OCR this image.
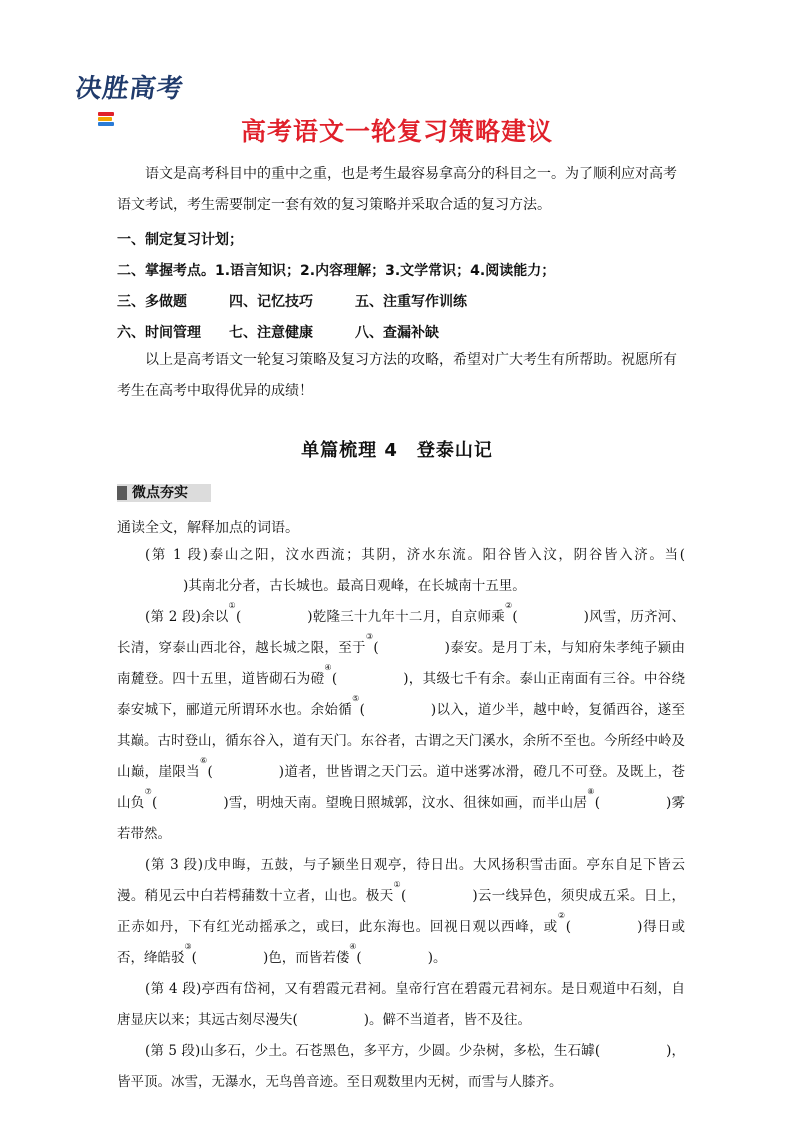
决胜高考
高考语文一轮复习策略建议
语文是高考科目中的重中之重，也是考生最容易拿高分的科目之一。为了顺利应对高考语文考试，考生需要制定一套有效的复习策略并采取合适的复习方法。
一、制定复习计划；
二、掌握考点。1.语言知识；2.内容理解；3.文学常识；4.阅读能力；
三、多做题	四、记忆技巧	五、注重写作训练
六、时间管理 七、注意健康	八、查漏补缺
以上是高考语文一轮复习策略及复习方法的攻略，希望对广大考生有所帮助。祝愿所有考生在高考中取得优异的成绩！
单篇梳理 4　登泰山记
微点夯实
通读全文，解释加点的词语。

(第 1 段)泰山之阳，汶水西流；其阴，济水东流。阳谷皆入汶，阴谷皆入济。当()其南北分者，古长城也。最高日观峰，在长城南十五里。

(第 2 段)余以①(	)乾隆三十九年十二月，自京师乘②(	)风雪，历齐河、长清，穿泰山西北谷，越长城之限，至于③(	)泰安。是月丁未，与知府朱孝纯子颍由南麓登。四十五里，道皆砌石为磴④(	)，其级七千有余。泰山正南面有三谷。中谷绕泰安城下，郦道元所谓环水也。余始循⑤(	)以入，道少半，越中岭，复循西谷，遂至其巅。古时登山，循东谷入，道有天门。东谷者，古谓之天门溪水，余所不至也。今所经中岭及山巅，崖限当⑥(	)道者，世皆谓之天门云。道中迷雾冰滑，磴几不可登。及既上，苍山负⑦(	)雪，明烛天南。望晚日照城郭，汶水、徂徕如画，而半山居⑧(	)雾若带然。

(第 3 段)戊申晦，五鼓，与子颍坐日观亭，待日出。大风扬积雪击面。亭东自足下皆云漫。稍见云中白若樗蒱数十立者，山也。极天①(	)云一线异色，须臾成五采。日上，正赤如丹，下有红光动摇承之，或曰，此东海也。回视日观以西峰，或②(	)得日或否，绛皓驳③(	)色，而皆若偻④(	)。

(第 4 段)亭西有岱祠，又有碧霞元君祠。皇帝行宫在碧霞元君祠东。是日观道中石刻，自唐显庆以来；其远古刻尽漫失(	)。僻不当道者，皆不及往。

(第 5 段)山多石，少土。石苍黑色，多平方，少圆。少杂树，多松，生石罅(	)，皆平顶。冰雪，无瀑水，无鸟兽音迹。至日观数里内无树，而雪与人膝齐。
